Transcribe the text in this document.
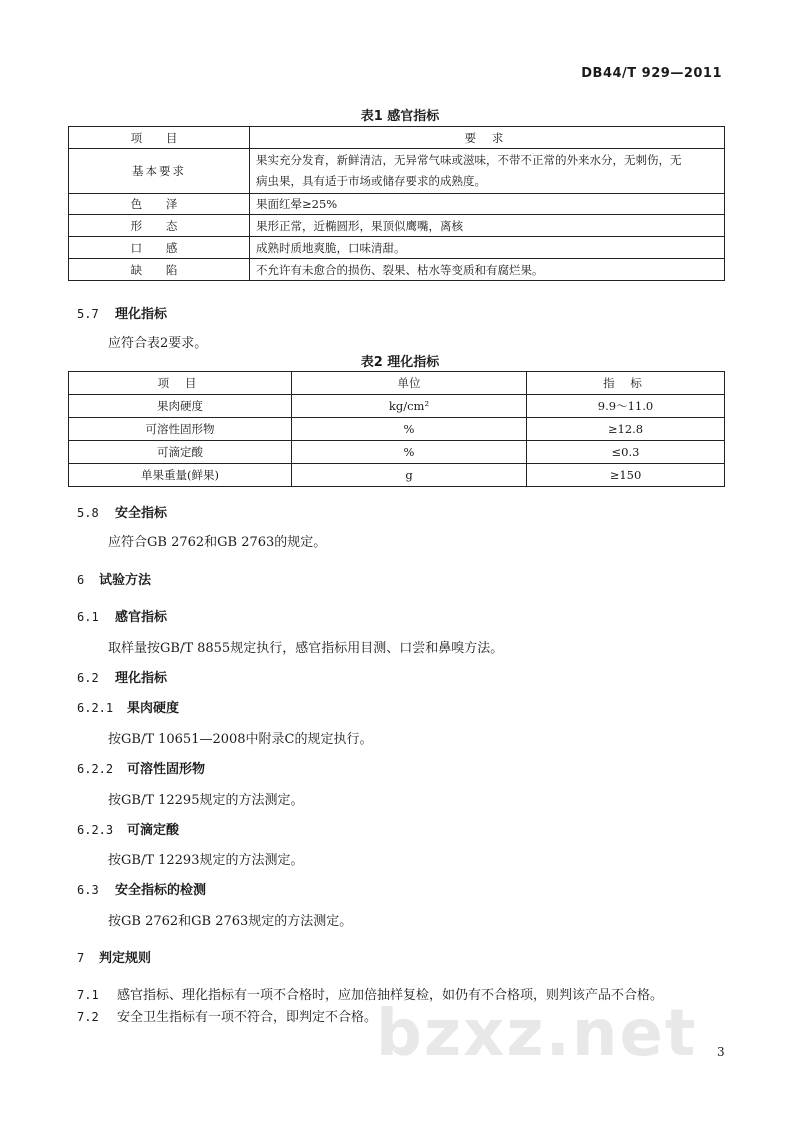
DB44/T 929—2011
表1 感官指标
项 目	要 求
基本要求	果实充分发育，新鲜清洁，无异常气味或滋味，不带不正常的外来水分，无刺伤，无
病虫果，具有适于市场或储存要求的成熟度。

色 泽	果面红晕≥25%
形 态	果形正常，近椭圆形，果顶似鹰嘴，离核
口 感	成熟时质地爽脆，口味清甜。
缺 陷	不允许有未愈合的损伤、裂果、枯水等变质和有腐烂果。
5.7 理化指标
应符合表2要求。
表2 理化指标
项 目	单位	指 标
果肉硬度	kg/cm²	9.9～11.0
可溶性固形物	%	≥12.8
可滴定酸	%	≤0.3
单果重量(鲜果)	g	≥150
5.8 安全指标
应符合GB 2762和GB 2763的规定。
6 试验方法
6.1 感官指标
取样量按GB/T 8855规定执行，感官指标用目测、口尝和鼻嗅方法。
6.2 理化指标
6.2.1 果肉硬度
按GB/T 10651—2008中附录C的规定执行。
6.2.2 可溶性固形物
按GB/T 12295规定的方法测定。
6.2.3 可滴定酸
按GB/T 12293规定的方法测定。
6.3 安全指标的检测
按GB 2762和GB 2763规定的方法测定。
7 判定规则
7.1 感官指标、理化指标有一项不合格时，应加倍抽样复检，如仍有不合格项，则判该产品不合格。
7.2 安全卫生指标有一项不符合，即判定不合格。
bzxz.net 3
